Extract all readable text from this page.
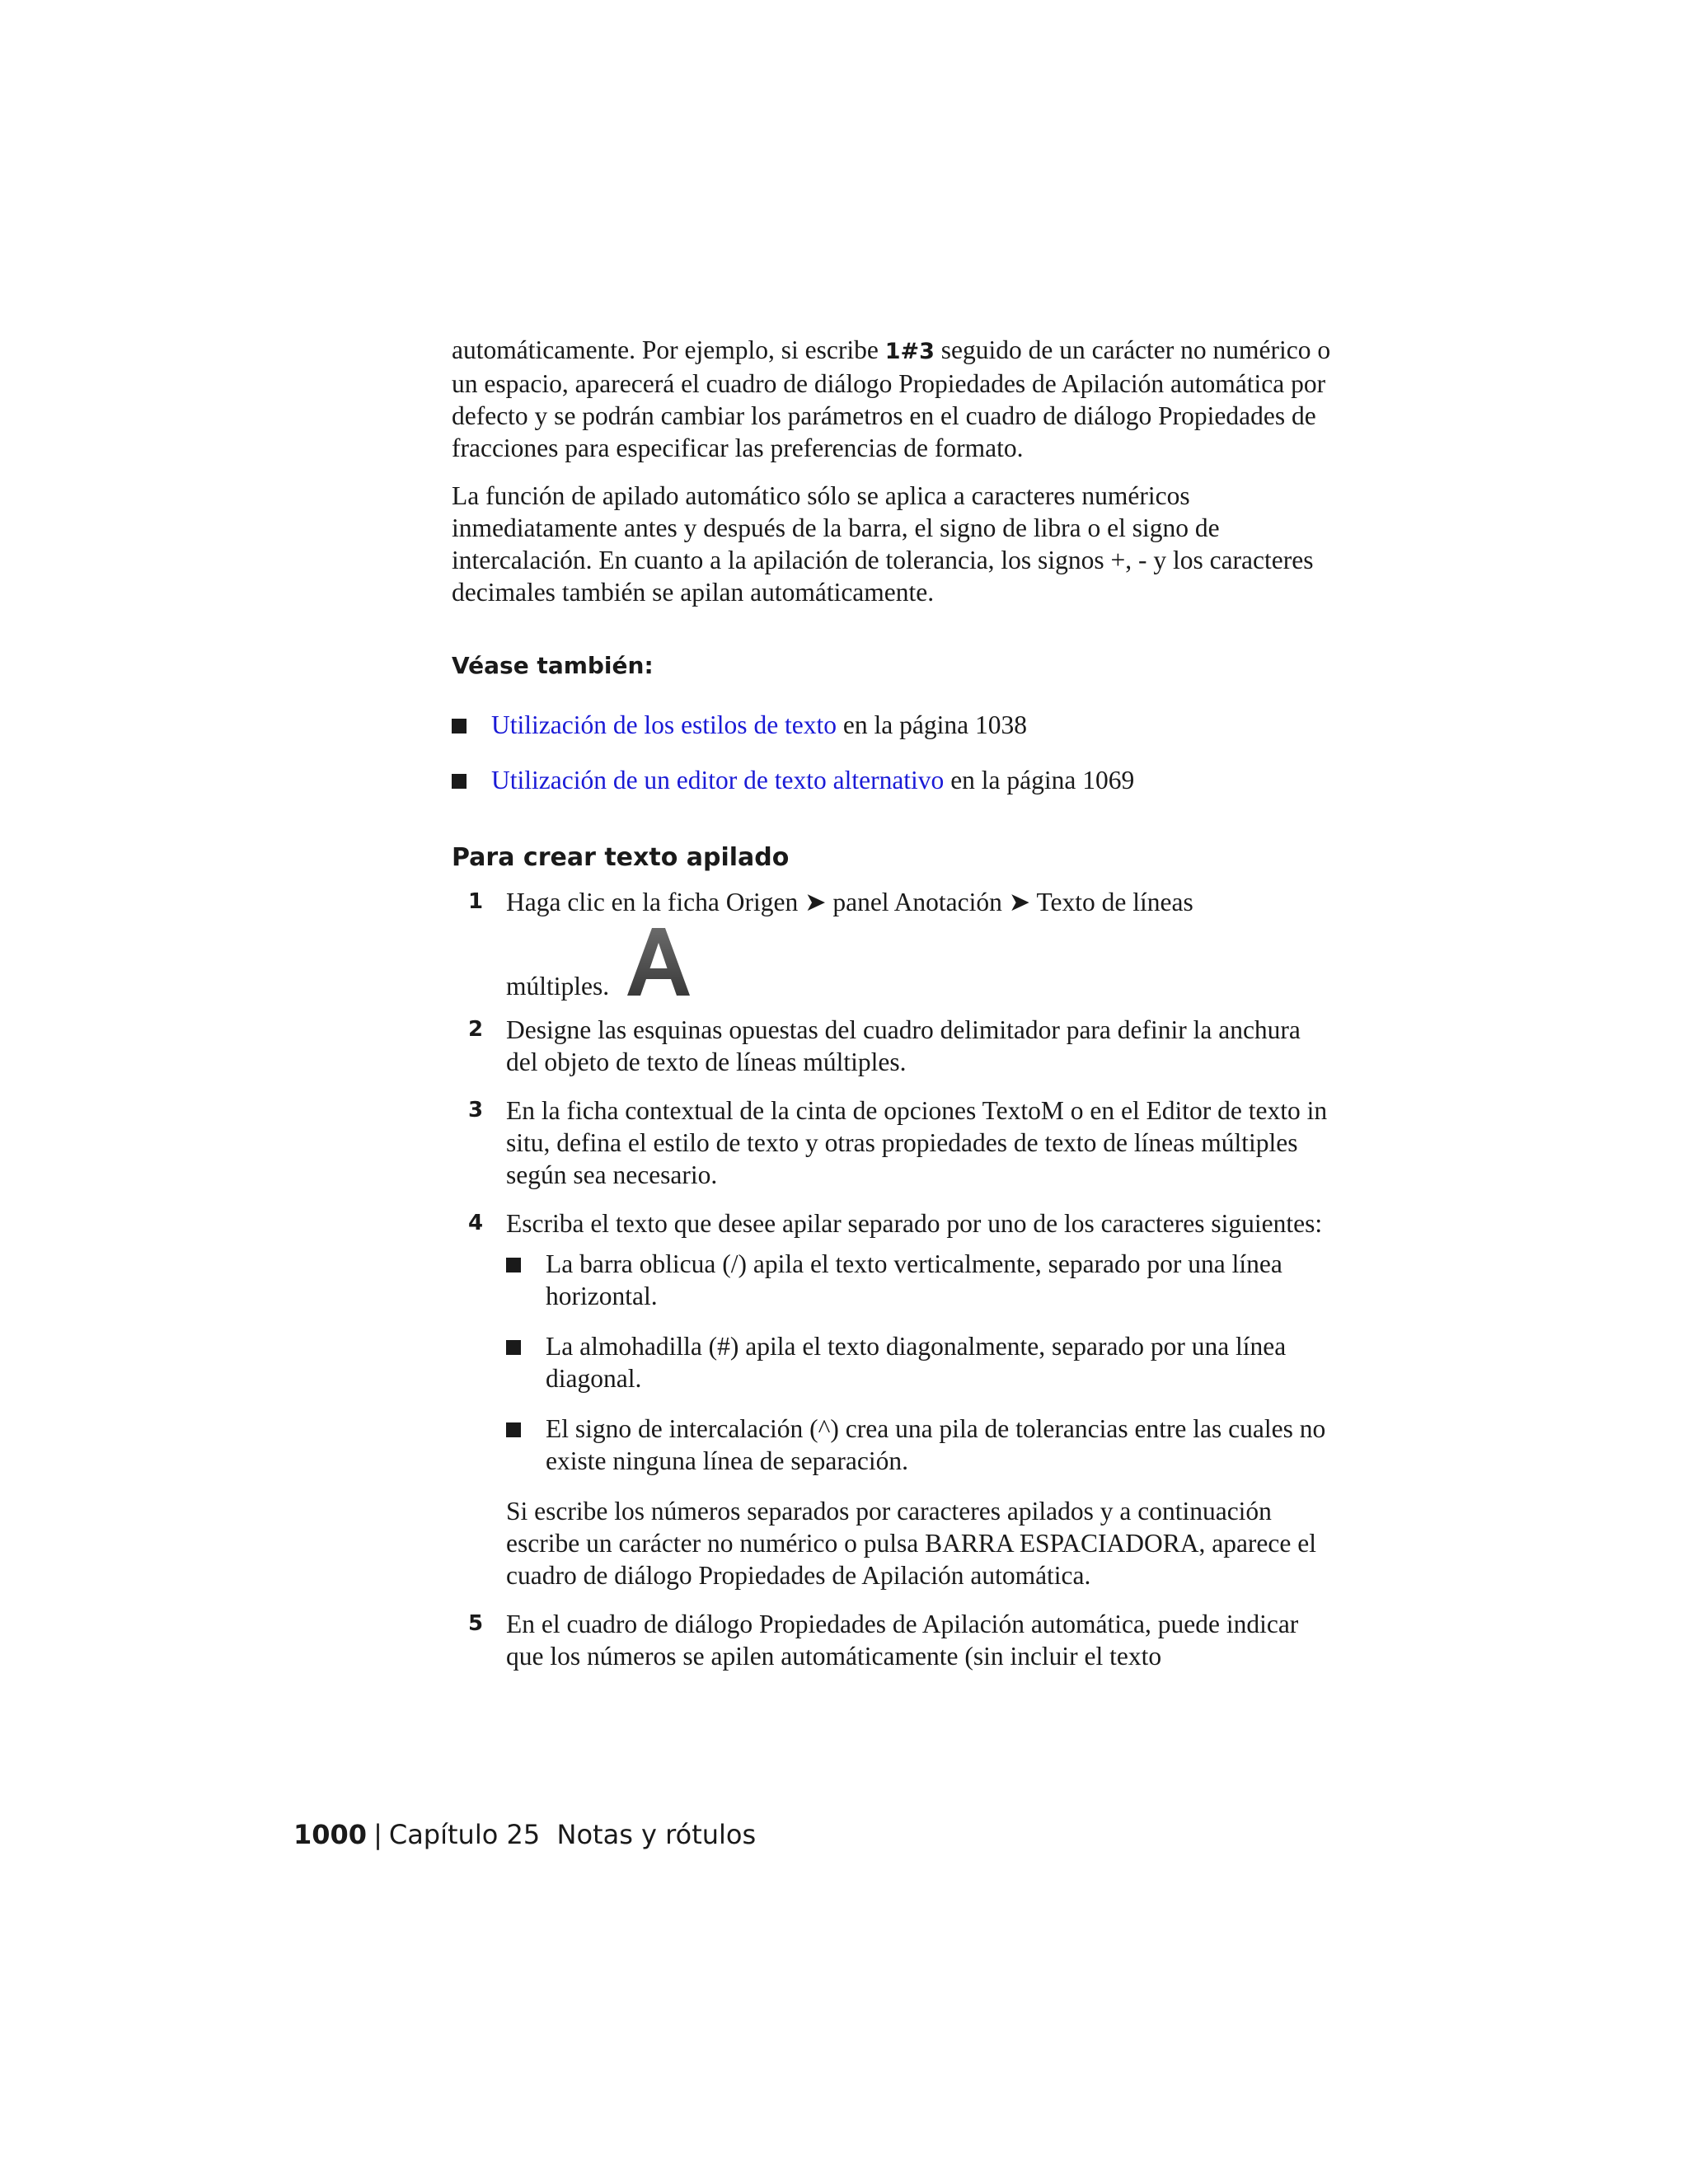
automáticamente. Por ejemplo, si escribe 1#3 seguido de un carácter no numérico o un espacio, aparecerá el cuadro de diálogo Propiedades de Apilación automática por defecto y se podrán cambiar los parámetros en el cuadro de diálogo Propiedades de fracciones para especificar las preferencias de formato.

La función de apilado automático sólo se aplica a caracteres numéricos inmediatamente antes y después de la barra, el signo de libra o el signo de intercalación. En cuanto a la apilación de tolerancia, los signos +, - y los caracteres decimales también se apilan automáticamente.

Véase también:
Utilización de los estilos de texto en la página 1038
Utilización de un editor de texto alternativo en la página 1069
Para crear texto apilado
1 Haga clic en la ficha Origen ➤ panel Anotación ➤ Texto de líneas
múltiples.
2 Designe las esquinas opuestas del cuadro delimitador para definir la anchura del objeto de texto de líneas múltiples.
3 En la ficha contextual de la cinta de opciones TextoM o en el Editor de texto in situ, defina el estilo de texto y otras propiedades de texto de líneas múltiples según sea necesario.
4 Escriba el texto que desee apilar separado por uno de los caracteres siguientes:
La barra oblicua (/) apila el texto verticalmente, separado por una línea horizontal.
La almohadilla (#) apila el texto diagonalmente, separado por una línea diagonal.
El signo de intercalación (^) crea una pila de tolerancias entre las cuales no existe ninguna línea de separación.

Si escribe los números separados por caracteres apilados y a continuación escribe un carácter no numérico o pulsa BARRA ESPACIADORA, aparece el cuadro de diálogo Propiedades de Apilación automática.

5 En el cuadro de diálogo Propiedades de Apilación automática, puede indicar que los números se apilen automáticamente (sin incluir el texto
1000 | Capítulo 25 Notas y rótulos
